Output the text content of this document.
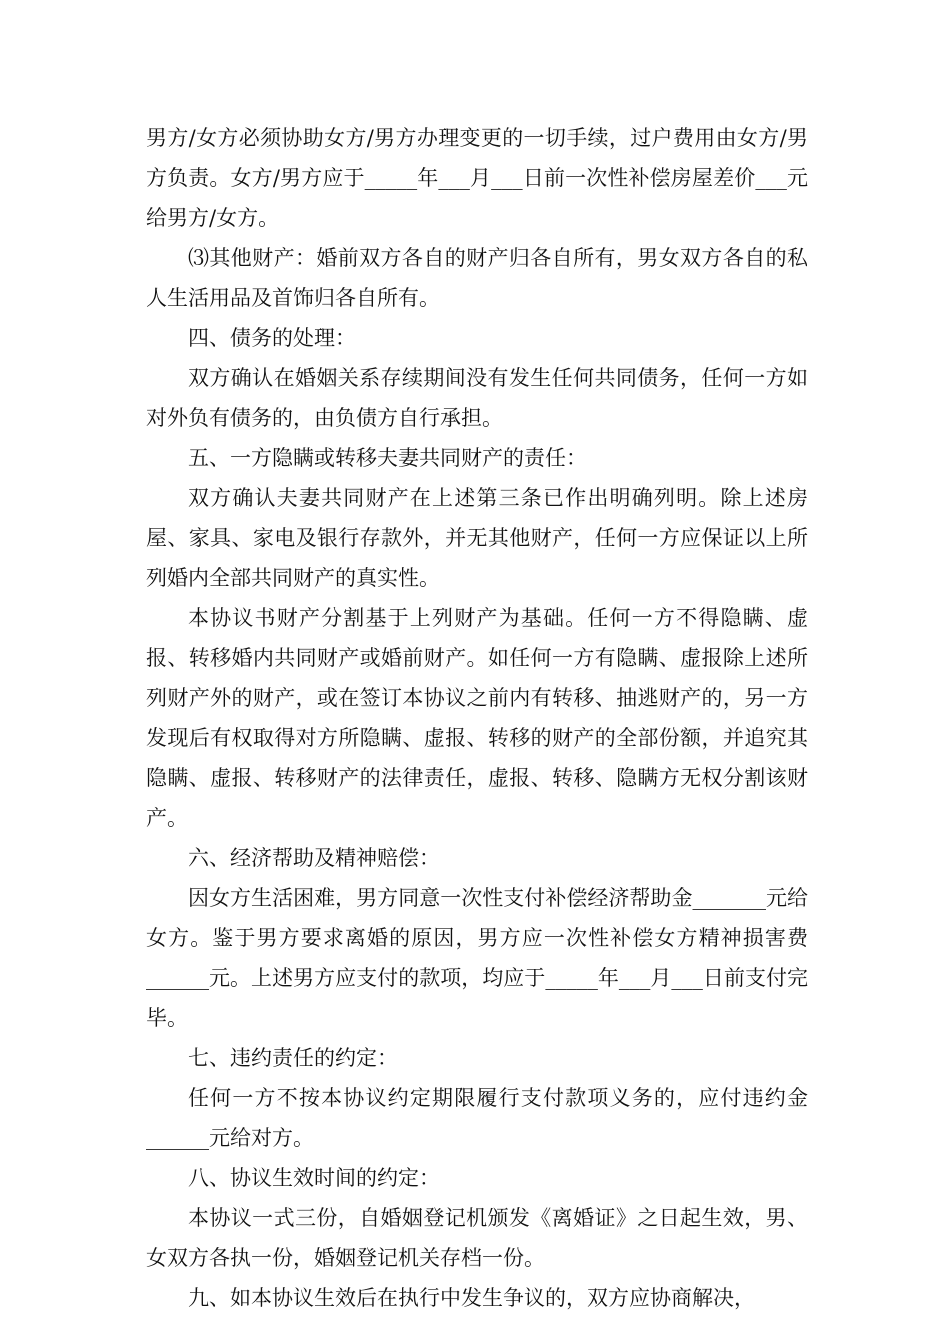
男方/女方必须协助女方/男方办理变更的一切手续，过户费用由女方/男方负责。女方/男方应于_____年___月___日前一次性补偿房屋差价___元给男方/女方。

⑶其他财产：婚前双方各自的财产归各自所有，男女双方各自的私人生活用品及首饰归各自所有。

四、债务的处理：

双方确认在婚姻关系存续期间没有发生任何共同债务，任何一方如对外负有债务的，由负债方自行承担。

五、一方隐瞒或转移夫妻共同财产的责任：

双方确认夫妻共同财产在上述第三条已作出明确列明。除上述房屋、家具、家电及银行存款外，并无其他财产，任何一方应保证以上所列婚内全部共同财产的真实性。

本协议书财产分割基于上列财产为基础。任何一方不得隐瞒、虚报、转移婚内共同财产或婚前财产。如任何一方有隐瞒、虚报除上述所列财产外的财产，或在签订本协议之前内有转移、抽逃财产的，另一方发现后有权取得对方所隐瞒、虚报、转移的财产的全部份额，并追究其隐瞒、虚报、转移财产的法律责任，虚报、转移、隐瞒方无权分割该财产。

六、经济帮助及精神赔偿：

因女方生活困难，男方同意一次性支付补偿经济帮助金_______元给女方。鉴于男方要求离婚的原因，男方应一次性补偿女方精神损害费______元。上述男方应支付的款项，均应于_____年___月___日前支付完毕。

七、违约责任的约定：

任何一方不按本协议约定期限履行支付款项义务的，应付违约金______元给对方。

八、协议生效时间的约定：

本协议一式三份，自婚姻登记机颁发《离婚证》之日起生效，男、女双方各执一份，婚姻登记机关存档一份。

九、如本协议生效后在执行中发生争议的，双方应协商解决，
